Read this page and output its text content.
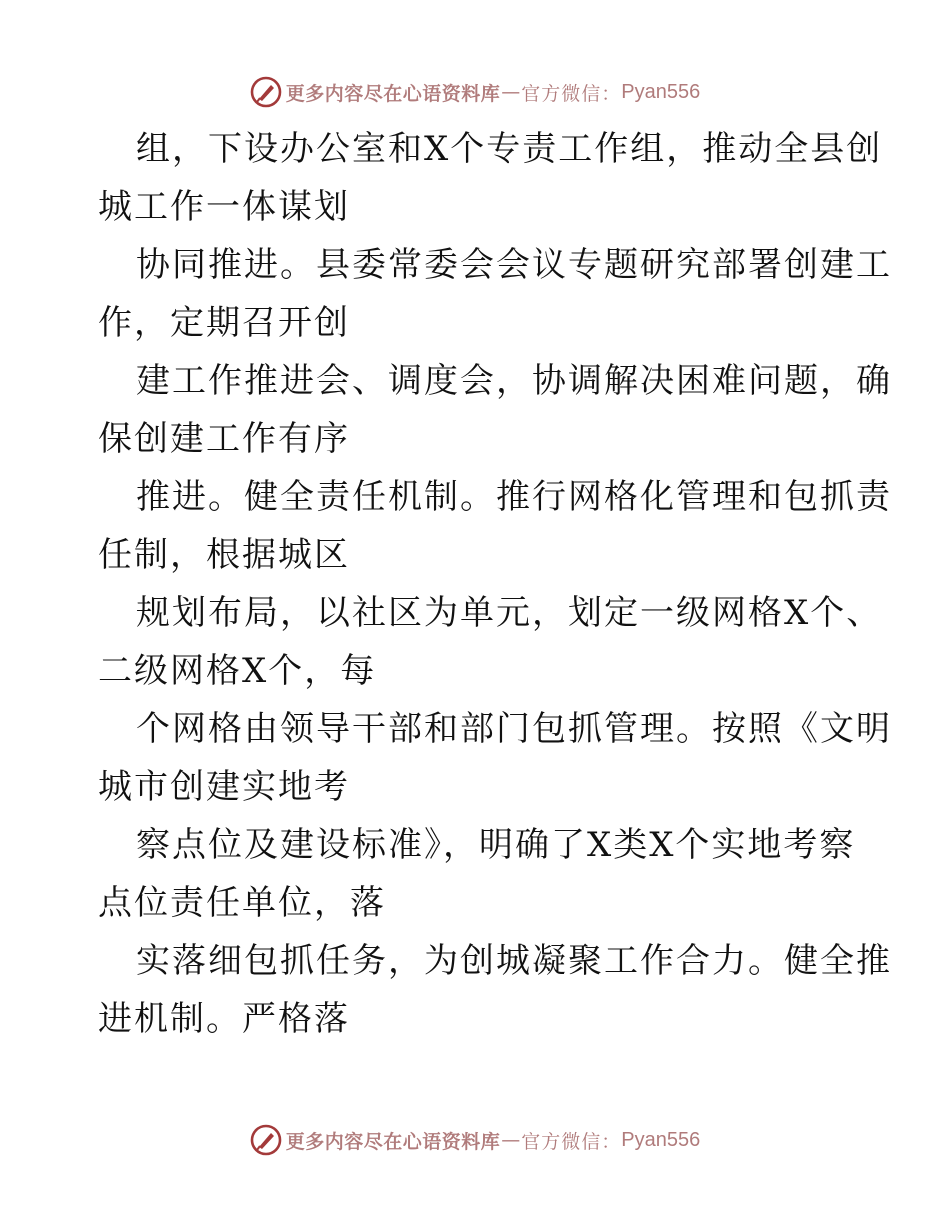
更多内容尽在心语资料库 — 官方微信： Pyan556
组，下设办公室和X个专责工作组，推动全县创
城工作一体谋划
协同推进。县委常委会会议专题研究部署创建工
作，定期召开创
建工作推进会、调度会，协调解决困难问题，确
保创建工作有序
推进。健全责任机制。推行网格化管理和包抓责
任制，根据城区
规划布局，以社区为单元，划定一级网格X个、
二级网格X个，每
个网格由领导干部和部门包抓管理。按照《文明
城市创建实地考
察点位及建设标准》，明确了X类X个实地考察
点位责任单位，落
实落细包抓任务，为创城凝聚工作合力。健全推
进机制。严格落
更多内容尽在心语资料库 — 官方微信： Pyan556
